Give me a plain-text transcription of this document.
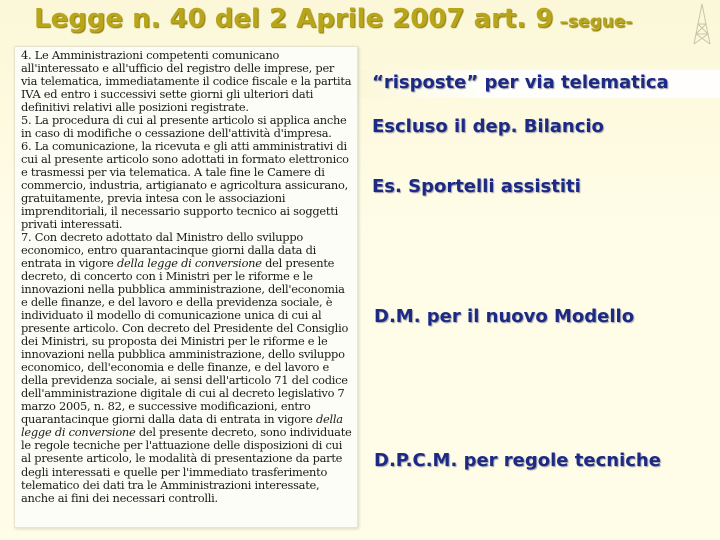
Legge n. 40 del 2 Aprile 2007 art. 9 –segue-

4. Le Amministrazioni competenti comunicano all'interessato e all'ufficio del registro delle imprese, per via telematica, immediatamente il codice fiscale e la partita IVA ed entro i successivi sette giorni gli ulteriori dati definitivi relativi alle posizioni registrate.

5. La procedura di cui al presente articolo si applica anche in caso di modifiche o cessazione dell'attività d'impresa.

6. La comunicazione, la ricevuta e gli atti amministrativi di cui al presente articolo sono adottati in formato elettronico e trasmessi per via telematica. A tale fine le Camere di commercio, industria, artigianato e agricoltura assicurano, gratuitamente, previa intesa con le associazioni imprenditoriali, il necessario supporto tecnico ai soggetti privati interessati.

7. Con decreto adottato dal Ministro dello sviluppo economico, entro quarantacinque giorni dalla data di entrata in vigore della legge di conversione del presente decreto, di concerto con i Ministri per le riforme e le innovazioni nella pubblica amministrazione, dell'economia e delle finanze, e del lavoro e della previdenza sociale, è individuato il modello di comunicazione unica di cui al presente articolo. Con decreto del Presidente del Consiglio dei Ministri, su proposta dei Ministri per le riforme e le innovazioni nella pubblica amministrazione, dello sviluppo economico, dell'economia e delle finanze, e del lavoro e della previdenza sociale, ai sensi dell'articolo 71 del codice dell'amministrazione digitale di cui al decreto legislativo 7 marzo 2005, n. 82, e successive modificazioni, entro quarantacinque giorni dalla data di entrata in vigore della legge di conversione del presente decreto, sono individuate le regole tecniche per l'attuazione delle disposizioni di cui al presente articolo, le modalità di presentazione da parte degli interessati e quelle per l'immediato trasferimento telematico dei dati tra le Amministrazioni interessate, anche ai fini dei necessari controlli.

“risposte” per via telematica
Escluso il dep. Bilancio
Es. Sportelli assistiti
D.M. per il nuovo Modello
D.P.C.M. per regole tecniche
